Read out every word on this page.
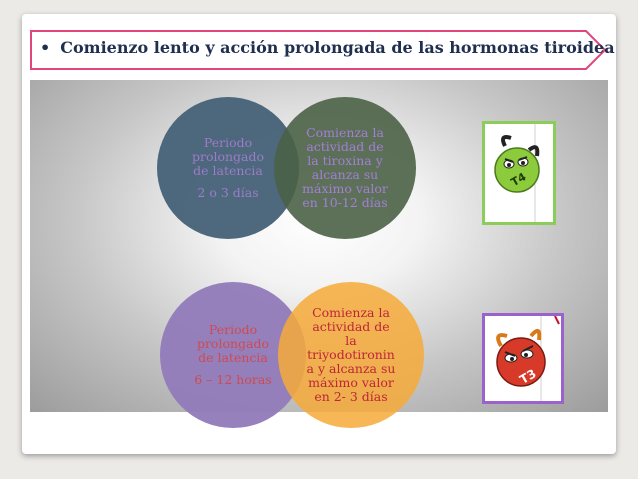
• Comienzo lento y acción prolongada de las hormonas tiroidea
Periodo
prolongado
de latencia
2 o 3 días
Comienza la
actividad de
la tiroxina y
alcanza su
máximo valor
en 10-12 días
T4
Periodo
prolongado
de latencia
6 – 12 horas
Comienza la
actividad de
la
triyodotironin
a y alcanza su
máximo valor
en 2- 3 días
T3
